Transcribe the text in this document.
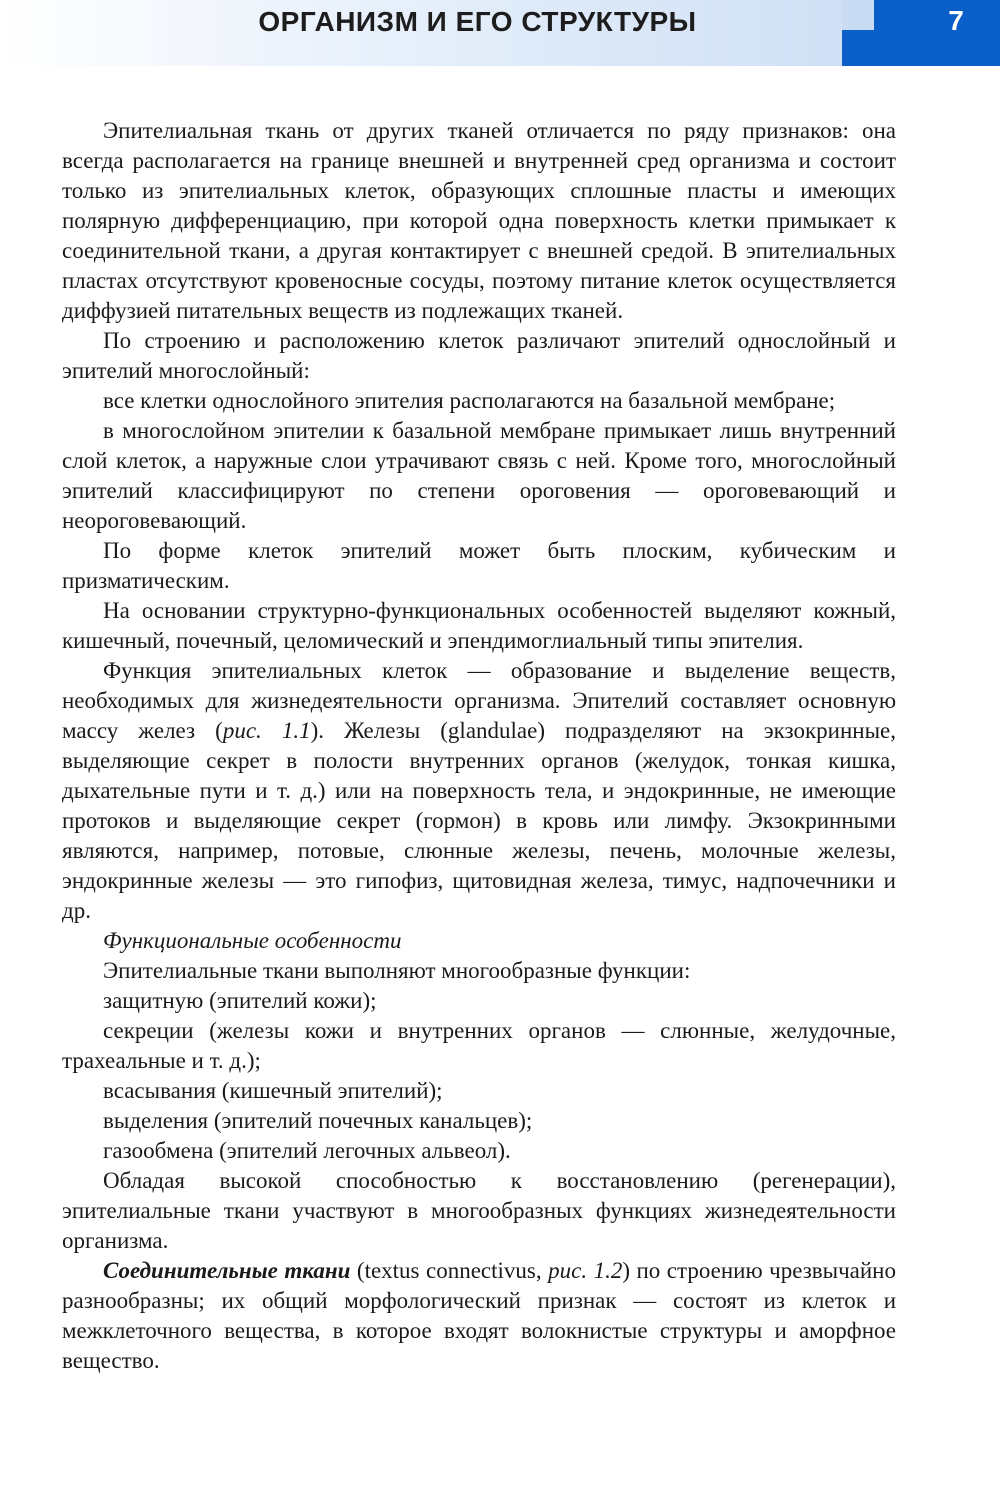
ОРГАНИЗМ И ЕГО СТРУКТУРЫ	7

Эпителиальная ткань от других тканей отличается по ряду признаков: она всегда располагается на границе внешней и внутренней сред организма и состоит только из эпителиальных клеток, образующих сплошные пласты и имеющих полярную дифференциацию, при которой одна поверхность клетки примыкает к соединительной ткани, а другая контактирует с внешней средой. В эпителиальных пластах отсутствуют кровеносные сосуды, поэтому питание клеток осуществляется диффузией питательных веществ из подлежащих тканей.

По строению и расположению клеток различают эпителий однослойный и эпителий многослойный:

все клетки однослойного эпителия располагаются на базальной мембране;

в многослойном эпителии к базальной мембране примыкает лишь внутренний слой клеток, а наружные слои утрачивают связь с ней. Кроме того, многослойный эпителий классифицируют по степени ороговения — ороговевающий и неороговевающий.

По форме клеток эпителий может быть плоским, кубическим и призматическим.

На основании структурно-функциональных особенностей выделяют кожный, кишечный, почечный, целомический и эпендимоглиальный типы эпителия.

Функция эпителиальных клеток — образование и выделение веществ, необходимых для жизнедеятельности организма. Эпителий составляет основную массу желез (рис. 1.1). Железы (glandulae) подразделяют на экзокринные, выделяющие секрет в полости внутренних органов (желудок, тонкая кишка, дыхательные пути и т. д.) или на поверхность тела, и эндокринные, не имеющие протоков и выделяющие секрет (гормон) в кровь или лимфу. Экзокринными являются, например, потовые, слюнные железы, печень, молочные железы, эндокринные железы — это гипофиз, щитовидная железа, тимус, надпочечники и др.

Функциональные особенности

Эпителиальные ткани выполняют многообразные функции:

защитную (эпителий кожи);

секреции (железы кожи и внутренних органов — слюнные, желудочные, трахеальные и т. д.);

всасывания (кишечный эпителий);

выделения (эпителий почечных канальцев);

газообмена (эпителий легочных альвеол).

Обладая высокой способностью к восстановлению (регенерации), эпителиальные ткани участвуют в многообразных функциях жизнедеятельности организма.

Соединительные ткани (textus connectivus, рис. 1.2) по строению чрезвычайно разнообразны; их общий морфологический признак — состоят из клеток и межклеточного вещества, в которое входят волокнистые структуры и аморфное вещество.
